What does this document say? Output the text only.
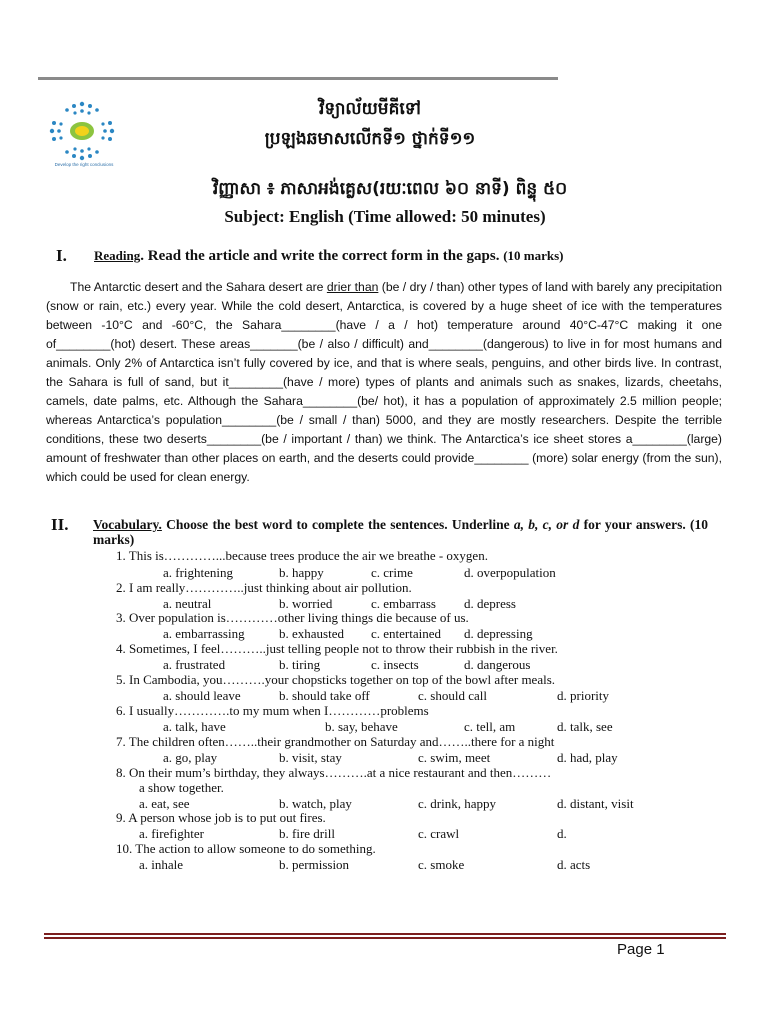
Develop the right conclusions
វិទ្យាល័យមីគីទៅ
ប្រឡងឆមាសលើកទី១ ថ្នាក់ទី១១
វិញ្ញាសា ៖ ភាសាអង់គ្លេស(រយៈពេល ៦០ នាទី) ពិន្ទុ ៥០
Subject: English (Time allowed: 50 minutes)
I. Reading. Read the article and write the correct form in the gaps. (10 marks)
The Antarctic desert and the Sahara desert are drier than (be / dry / than) other types of land with barely any precipitation (snow or rain, etc.) every year. While the cold desert, Antarctica, is covered by a huge sheet of ice with the temperatures between -10°C and -60°C, the Sahara________(have / a / hot) temperature around 40°C-47°C making it one of________(hot) desert. These areas_______(be / also / difficult) and________(dangerous) to live in for most humans and animals. Only 2% of Antarctica isn’t fully covered by ice, and that is where seals, penguins, and other birds live. In contrast, the Sahara is full of sand, but it________(have / more) types of plants and animals such as snakes, lizards, cheetahs, camels, date palms, etc. Although the Sahara________(be/ hot), it has a population of approximately 2.5 million people; whereas Antarctica’s population________(be / small / than) 5000, and they are mostly researchers. Despite the terrible conditions, these two deserts________(be / important / than) we think. The Antarctica’s ice sheet stores a________(large) amount of freshwater than other places on earth, and the deserts could provide________ (more) solar energy (from the sun), which could be used for clean energy.
II. Vocabulary. Choose the best word to complete the sentences. Underline a, b, c, or d for your answers. (10 marks)
1. This is…………...because trees produce the air we breathe - oxygen.
a. frightening	b. happy	c. crime	d. overpopulation
2. I am really…………..just thinking about air pollution.
a. neutral	b. worried	c. embarrass d. depress
3. Over population is…………other living things die because of us.
a. embarrassing	b. exhausted c. entertained d. depressing
4. Sometimes, I feel………..just telling people not to throw their rubbish in the river.
a. frustrated	b. tiring	c. insects	d. dangerous
5. In Cambodia, you……….your chopsticks together on top of the bowl after meals.
a. should leave	b. should take off	c. should call	d. priority
6. I usually………….to my mum when I…………problems
a. talk, have	b. say, behave	c. tell, am	d. talk, see
7. The children often……..their grandmother on Saturday and……..there for a night
a. go, play	b. visit, stay	c. swim, meet	d. had, play
8. On their mum’s birthday, they always……….at a nice restaurant and then………
a show together.
a. eat, see	b. watch, play	c. drink, happy	d. distant, visit
9. A person whose job is to put out fires.
a. firefighter	b. fire drill	c. crawl	d.
10. The action to allow someone to do something.
a. inhale	b. permission	c. smoke	d. acts
Page 1
